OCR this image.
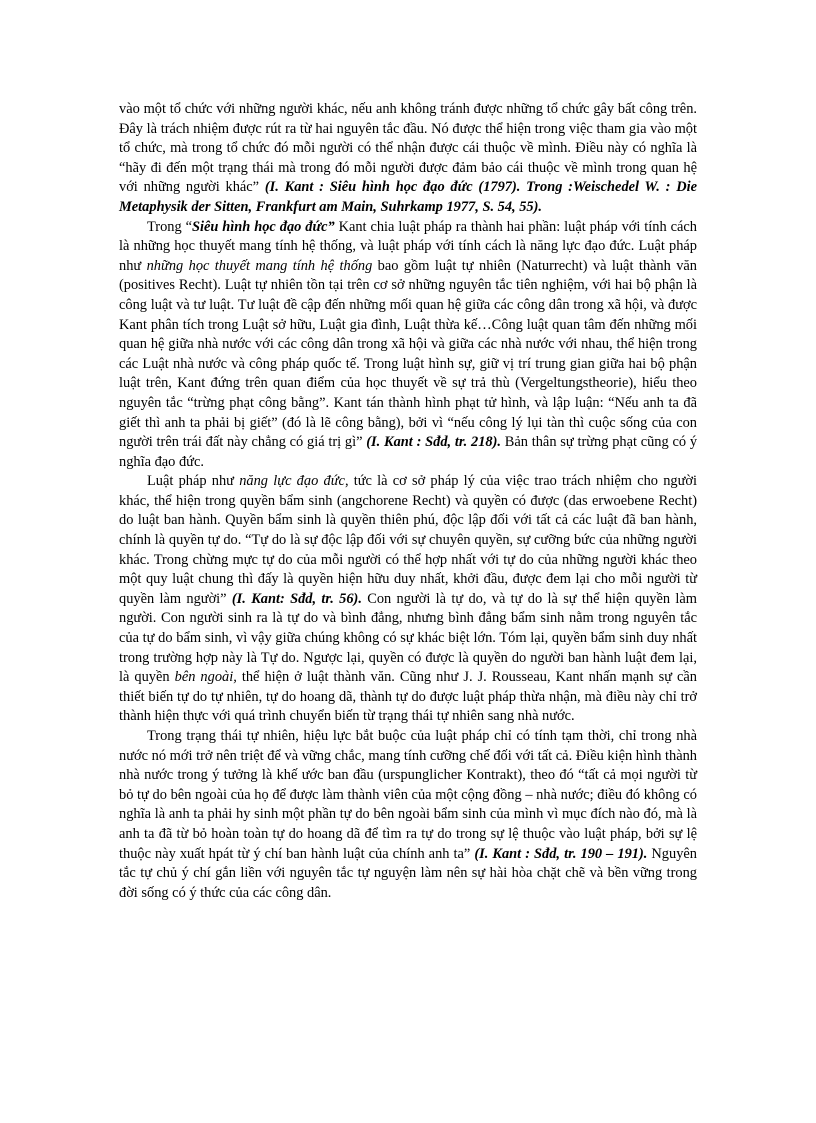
vào một tổ chức với những người khác, nếu anh không tránh được những tổ chức gây bất công trên. Đây là trách nhiệm được rút ra từ hai nguyên tắc đầu. Nó được thể hiện trong việc tham gia vào một tổ chức, mà trong tổ chức đó mỗi người có thể nhận được cái thuộc về mình. Điều này có nghĩa là “hãy đi đến một trạng thái mà trong đó mỗi người được đảm bảo cái thuộc về mình trong quan hệ với những người khác” (I. Kant : Siêu hình học đạo đức (1797). Trong :Weischedel W. : Die Metaphysik der Sitten, Frankfurt am Main, Suhrkamp 1977, S. 54, 55).

Trong “Siêu hình học đạo đức” Kant chia luật pháp ra thành hai phần: luật pháp với tính cách là những học thuyết mang tính hệ thống, và luật pháp với tính cách là năng lực đạo đức. Luật pháp như những học thuyết mang tính hệ thống bao gồm luật tự nhiên (Naturrecht) và luật thành văn (positives Recht). Luật tự nhiên tồn tại trên cơ sở những nguyên tắc tiên nghiệm, với hai bộ phận là công luật và tư luật. Tư luật đề cập đến những mối quan hệ giữa các công dân trong xã hội, và được Kant phân tích trong Luật sở hữu, Luật gia đình, Luật thừa kế…Công luật quan tâm đến những mối quan hệ giữa nhà nước với các công dân trong xã hội và giữa các nhà nước với nhau, thể hiện trong các Luật nhà nước và công pháp quốc tế. Trong luật hình sự, giữ vị trí trung gian giữa hai bộ phận luật trên, Kant đứng trên quan điểm của học thuyết về sự trả thù (Vergeltungstheorie), hiểu theo nguyên tắc “trừng phạt công bằng”. Kant tán thành hình phạt tử hình, và lập luận: “Nếu anh ta đã giết thì anh ta phải bị giết” (đó là lẽ công bằng), bởi vì “nếu công lý lụi tàn thì cuộc sống của con người trên trái đất này chẳng có giá trị gì” (I. Kant : Sđd, tr. 218). Bản thân sự trừng phạt cũng có ý nghĩa đạo đức.

Luật pháp như năng lực đạo đức, tức là cơ sở pháp lý của việc trao trách nhiệm cho người khác, thể hiện trong quyền bẩm sinh (angchorene Recht) và quyền có được (das erwoebene Recht) do luật ban hành. Quyền bẩm sinh là quyền thiên phú, độc lập đối với tất cả các luật đã ban hành, chính là quyền tự do. “Tự do là sự độc lập đối với sự chuyên quyền, sự cưỡng bức của những người khác. Trong chừng mực tự do của mỗi người có thể hợp nhất với tự do của những người khác theo một quy luật chung thì đấy là quyền hiện hữu duy nhất, khởi đầu, được đem lại cho mỗi người từ quyền làm người” (I. Kant: Sđd, tr. 56). Con người là tự do, và tự do là sự thể hiện quyền làm người. Con người sinh ra là tự do và bình đẳng, nhưng bình đẳng bẩm sinh nằm trong nguyên tắc của tự do bẩm sinh, vì vậy giữa chúng không có sự khác biệt lớn. Tóm lại, quyền bẩm sinh duy nhất trong trường hợp này là Tự do. Ngược lại, quyền có được là quyền do người ban hành luật đem lại, là quyền bên ngoài, thể hiện ở luật thành văn. Cũng như J. J. Rousseau, Kant nhấn mạnh sự cần thiết biến tự do tự nhiên, tự do hoang dã, thành tự do được luật pháp thừa nhận, mà điều này chỉ trở thành hiện thực với quá trình chuyển biến từ trạng thái tự nhiên sang nhà nước.

Trong trạng thái tự nhiên, hiệu lực bắt buộc của luật pháp chỉ có tính tạm thời, chỉ trong nhà nước nó mới trở nên triệt để và vững chắc, mang tính cưỡng chế đối với tất cả. Điều kiện hình thành nhà nước trong ý tưởng là khế ước ban đầu (urspunglicher Kontrakt), theo đó “tất cả mọi người từ bỏ tự do bên ngoài của họ để được làm thành viên của một cộng đồng – nhà nước; điều đó không có nghĩa là anh ta phải hy sinh một phần tự do bên ngoài bẩm sinh của mình vì mục đích nào đó, mà là anh ta đã từ bỏ hoàn toàn tự do hoang dã để tìm ra tự do trong sự lệ thuộc vào luật pháp, bởi sự lệ thuộc này xuất hpát từ ý chí ban hành luật của chính anh ta” (I. Kant : Sđd, tr. 190 – 191). Nguyên tắc tự chủ ý chí gắn liền với nguyên tắc tự nguyện làm nên sự hài hòa chặt chẽ và bền vững trong đời sống có ý thức của các công dân.
